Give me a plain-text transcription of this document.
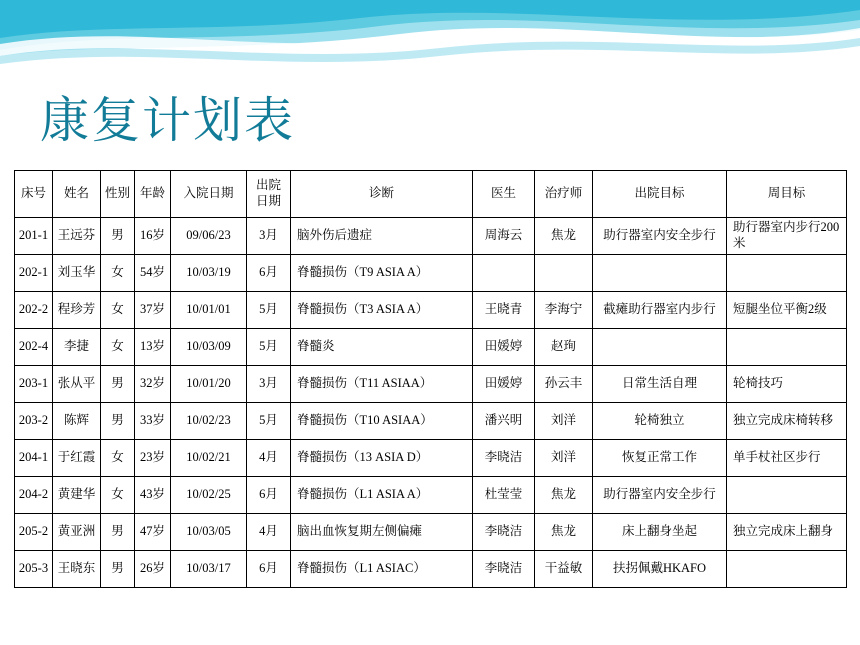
康复计划表
床号	姓名	性别	年龄	入院日期	出院日期	诊断	医生	治疗师	出院目标	周目标
201-1	王远芬	男	16岁	09/06/23	3月	脑外伤后遗症	周海云	焦龙	助行器室内安全步行	助行器室内步行200米
202-1	刘玉华	女	54岁	10/03/19	6月	脊髓损伤（T9 ASIA A）				
202-2	程珍芳	女	37岁	10/01/01	5月	脊髓损伤（T3 ASIA A）	王晓青	李海宁	截瘫助行器室内步行	短腿坐位平衡2级
202-4	李捷	女	13岁	10/03/09	5月	脊髓炎	田媛婷	赵珣		
203-1	张从平	男	32岁	10/01/20	3月	脊髓损伤（T11 ASIAA）	田媛婷	孙云丰	日常生活自理	轮椅技巧
203-2	陈辉	男	33岁	10/02/23	5月	脊髓损伤（T10 ASIAA）	潘兴明	刘洋	轮椅独立	独立完成床椅转移
204-1	于红霞	女	23岁	10/02/21	4月	脊髓损伤（13 ASIA D）	李晓洁	刘洋	恢复正常工作	单手杖社区步行
204-2	黄建华	女	43岁	10/02/25	6月	脊髓损伤（L1 ASIA A）	杜莹莹	焦龙	助行器室内安全步行	
205-2	黄亚洲	男	47岁	10/03/05	4月	脑出血恢复期左侧偏瘫	李晓洁	焦龙	床上翻身坐起	独立完成床上翻身
205-3	王晓东	男	26岁	10/03/17	6月	脊髓损伤（L1 ASIAC）	李晓洁	干益敏	扶拐佩戴HKAFO	
